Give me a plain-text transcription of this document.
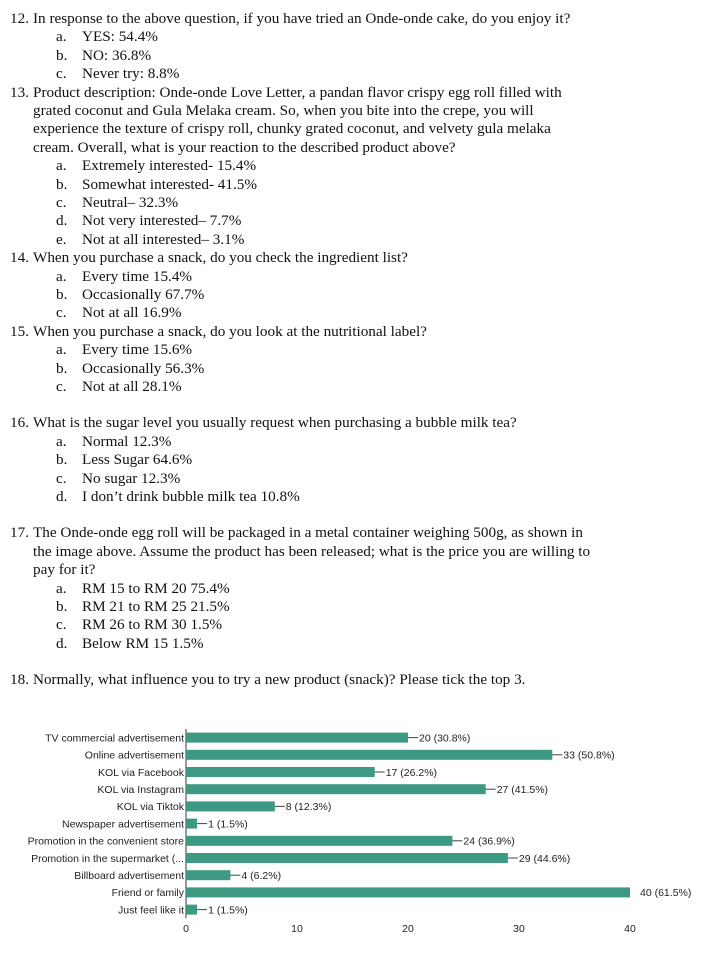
12. In response to the above question, if you have tried an Onde-onde cake, do you enjoy it?
a. YES: 54.4%
b. NO: 36.8%
c. Never try: 8.8%
13. Product description: Onde-onde Love Letter, a pandan flavor crispy egg roll filled with grated coconut and Gula Melaka cream. So, when you bite into the crepe, you will experience the texture of crispy roll, chunky grated coconut, and velvety gula melaka cream. Overall, what is your reaction to the described product above?
a. Extremely interested- 15.4%
b. Somewhat interested- 41.5%
c. Neutral– 32.3%
d. Not very interested– 7.7%
e. Not at all interested– 3.1%
14. When you purchase a snack, do you check the ingredient list?
a. Every time 15.4%
b. Occasionally 67.7%
c. Not at all 16.9%
15. When you purchase a snack, do you look at the nutritional label?
a. Every time 15.6%
b. Occasionally 56.3%
c. Not at all 28.1%
16. What is the sugar level you usually request when purchasing a bubble milk tea?
a. Normal 12.3%
b. Less Sugar 64.6%
c. No sugar 12.3%
d. I don’t drink bubble milk tea 10.8%
17. The Onde-onde egg roll will be packaged in a metal container weighing 500g, as shown in the image above. Assume the product has been released; what is the price you are willing to pay for it?
a. RM 15 to RM 20 75.4%
b. RM 21 to RM 25 21.5%
c. RM 26 to RM 30 1.5%
d. Below RM 15 1.5%
18. Normally, what influence you to try a new product (snack)? Please tick the top 3.
TV commercial advertisement	20 (30.8%)
Online advertisement	33 (50.8%)
KOL via Facebook	17 (26.2%)
KOL via Instagram	27 (41.5%)
KOL via Tiktok	8 (12.3%)
Newspaper advertisement 1 (1.5%)
Promotion in the convenient store	24 (36.9%)
Promotion in the supermarket (...	29 (44.6%)
Billboard advertisement	4 (6.2%)
Friend or family	40 (61.5%)
Just feel like it 1 (1.5%)
0	10	20	30	40
